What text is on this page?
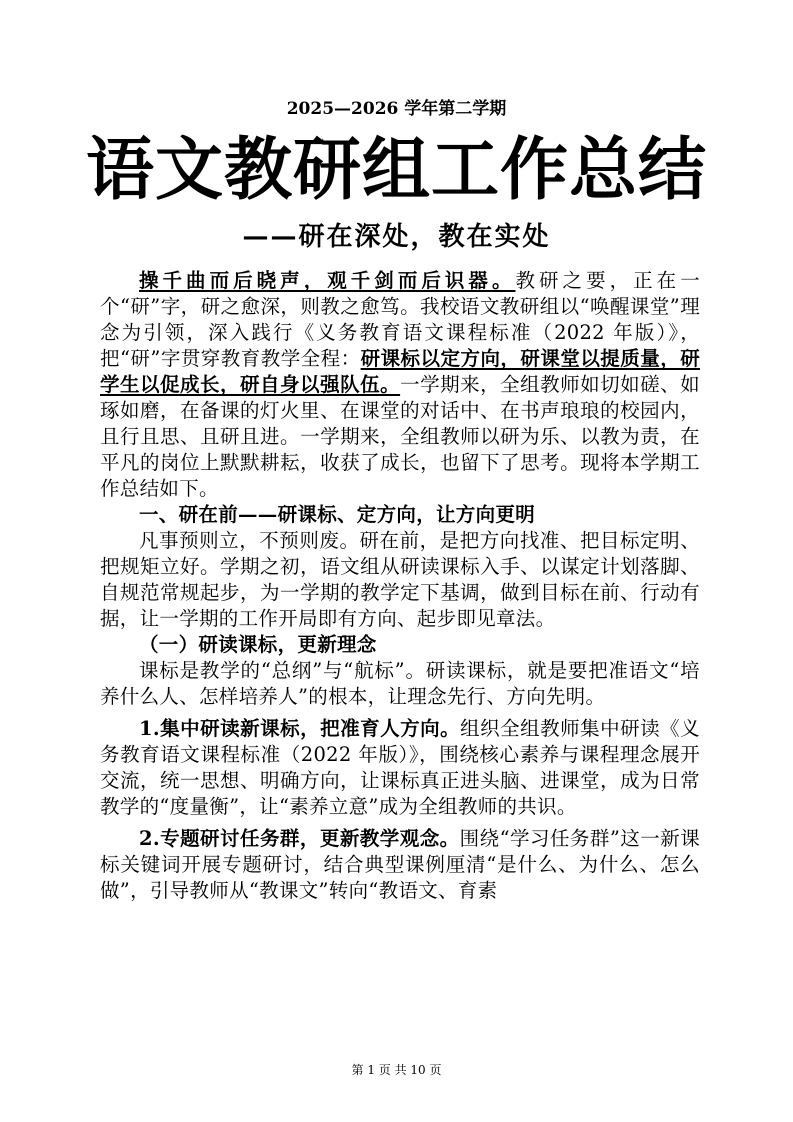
2025—2026 学年第二学期
语文教研组工作总结
——研在深处，教在实处

操千曲而后晓声，观千剑而后识器。教研之要，正在一个“研”字，研之愈深，则教之愈笃。我校语文教研组以“唤醒课堂”理念为引领，深入践行《义务教育语文课程标准（2022 年版）》，把“研”字贯穿教育教学全程：研课标以定方向，研课堂以提质量，研学生以促成长，研自身以强队伍。一学期来，全组教师如切如磋、如琢如磨，在备课的灯火里、在课堂的对话中、在书声琅琅的校园内，且行且思、且研且进。一学期来，全组教师以研为乐、以教为责，在平凡的岗位上默默耕耘，收获了成长，也留下了思考。现将本学期工作总结如下。

一、研在前——研课标、定方向，让方向更明

凡事预则立，不预则废。研在前，是把方向找准、把目标定明、把规矩立好。学期之初，语文组从研读课标入手、以谋定计划落脚、自规范常规起步，为一学期的教学定下基调，做到目标在前、行动有据，让一学期的工作开局即有方向、起步即见章法。

（一）研读课标，更新理念

课标是教学的“总纲”与“航标”。研读课标，就是要把准语文“培养什么人、怎样培养人”的根本，让理念先行、方向先明。

1.集中研读新课标，把准育人方向。组织全组教师集中研读《义务教育语文课程标准（2022 年版）》，围绕核心素养与课程理念展开交流，统一思想、明确方向，让课标真正进头脑、进课堂，成为日常教学的“度量衡”，让“素养立意”成为全组教师的共识。

2.专题研讨任务群，更新教学观念。围绕“学习任务群”这一新课标关键词开展专题研讨，结合典型课例厘清“是什么、为什么、怎么做”，引导教师从“教课文”转向“教语文、育素

第 1 页 共 10 页
